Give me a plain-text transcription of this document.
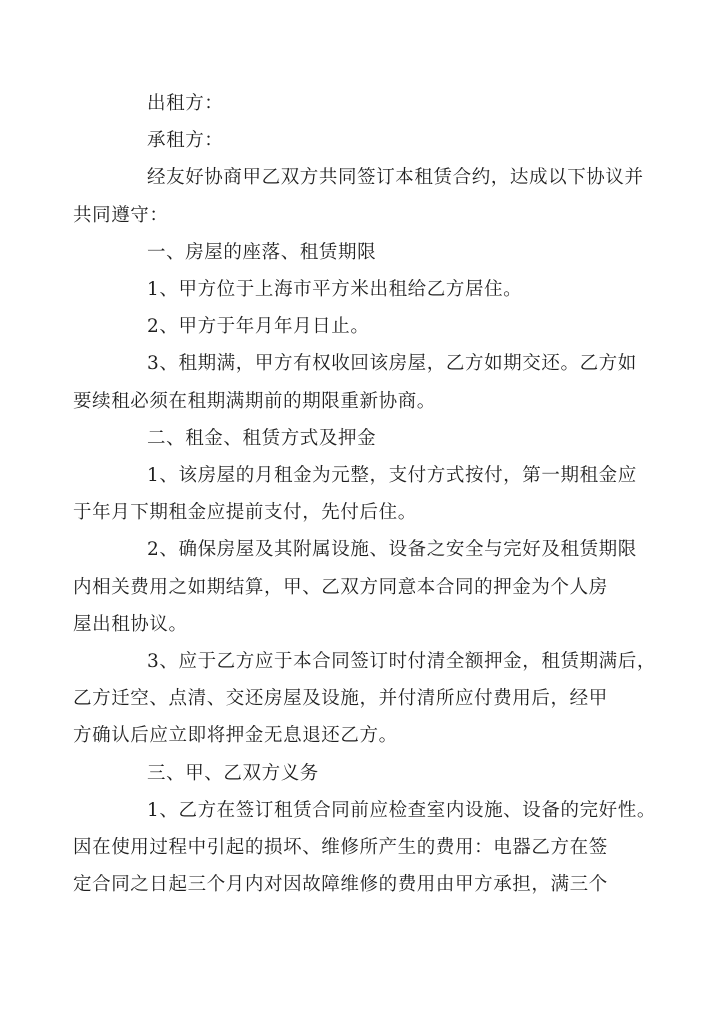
出租方：
承租方：
经友好协商甲乙双方共同签订本租赁合约，达成以下协议并
共同遵守：
一、房屋的座落、租赁期限
1、甲方位于上海市平方米出租给乙方居住。
2、甲方于年月年月日止。
3、租期满，甲方有权收回该房屋，乙方如期交还。乙方如
要续租必须在租期满期前的期限重新协商。
二、租金、租赁方式及押金
1、该房屋的月租金为元整，支付方式按付，第一期租金应
于年月下期租金应提前支付，先付后住。
2、确保房屋及其附属设施、设备之安全与完好及租赁期限
内相关费用之如期结算，甲、乙双方同意本合同的押金为个人房
屋出租协议。
3、应于乙方应于本合同签订时付清全额押金，租赁期满后，
乙方迁空、点清、交还房屋及设施，并付清所应付费用后，经甲
方确认后应立即将押金无息退还乙方。
三、甲、乙双方义务
1、乙方在签订租赁合同前应检查室内设施、设备的完好性。
因在使用过程中引起的损坏、维修所产生的费用：电器乙方在签
定合同之日起三个月内对因故障维修的费用由甲方承担，满三个
